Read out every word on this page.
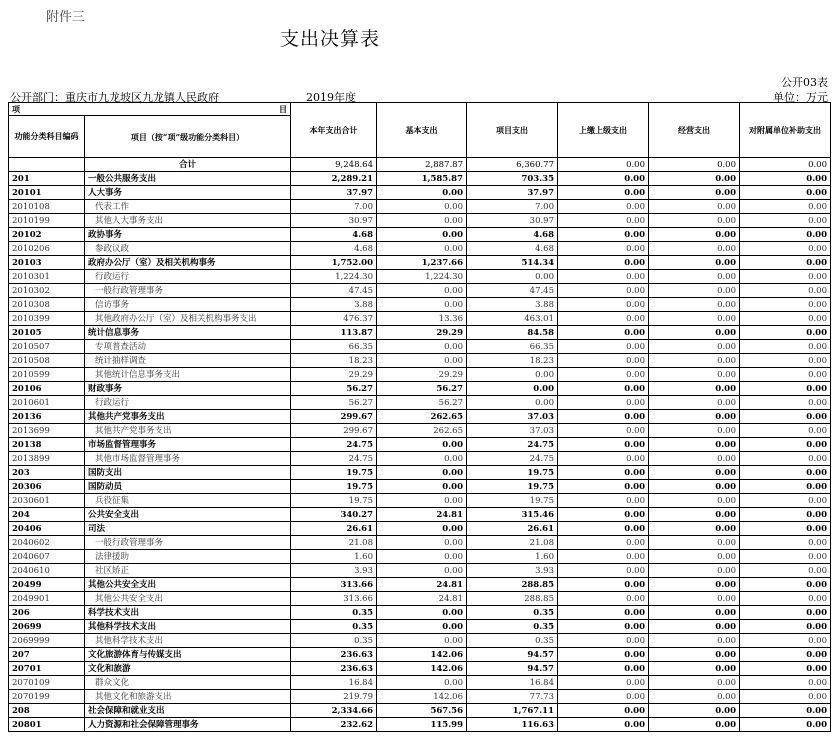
附件三
支出决算表
公开03表
公开部门：重庆市九龙坡区九龙镇人民政府	2019年度	单位：万元
项 目		本年支出合计	基本支出	项目支出	上缴上级支出	经营支出	对附属单位补助支出
功能分类科目编码	项目（按“项”级功能分类科目）						
	合计	9,248.64	2,887.87	6,360.77	0.00	0.00	0.00
201	一般公共服务支出	2,289.21	1,585.87	703.35	0.00	0.00	0.00
20101	人大事务	37.97	0.00	37.97	0.00	0.00	0.00
2010108	代表工作	7.00	0.00	7.00	0.00	0.00	0.00
2010199	其他人大事务支出	30.97	0.00	30.97	0.00	0.00	0.00
20102	政协事务	4.68	0.00	4.68	0.00	0.00	0.00
2010206	参政议政	4.68	0.00	4.68	0.00	0.00	0.00
20103	政府办公厅（室）及相关机构事务	1,752.00	1,237.66	514.34	0.00	0.00	0.00
2010301	行政运行	1,224.30	1,224.30	0.00	0.00	0.00	0.00
2010302	一般行政管理事务	47.45	0.00	47.45	0.00	0.00	0.00
2010308	信访事务	3.88	0.00	3.88	0.00	0.00	0.00
2010399	其他政府办公厅（室）及相关机构事务支出	476.37	13.36	463.01	0.00	0.00	0.00
20105	统计信息事务	113.87	29.29	84.58	0.00	0.00	0.00
2010507	专项普查活动	66.35	0.00	66.35	0.00	0.00	0.00
2010508	统计抽样调查	18.23	0.00	18.23	0.00	0.00	0.00
2010599	其他统计信息事务支出	29.29	29.29	0.00	0.00	0.00	0.00
20106	财政事务	56.27	56.27	0.00	0.00	0.00	0.00
2010601	行政运行	56.27	56.27	0.00	0.00	0.00	0.00
20136	其他共产党事务支出	299.67	262.65	37.03	0.00	0.00	0.00
2013699	其他共产党事务支出	299.67	262.65	37.03	0.00	0.00	0.00
20138	市场监督管理事务	24.75	0.00	24.75	0.00	0.00	0.00
2013899	其他市场监督管理事务	24.75	0.00	24.75	0.00	0.00	0.00
203	国防支出	19.75	0.00	19.75	0.00	0.00	0.00
20306	国防动员	19.75	0.00	19.75	0.00	0.00	0.00
2030601	兵役征集	19.75	0.00	19.75	0.00	0.00	0.00
204	公共安全支出	340.27	24.81	315.46	0.00	0.00	0.00
20406	司法	26.61	0.00	26.61	0.00	0.00	0.00
2040602	一般行政管理事务	21.08	0.00	21.08	0.00	0.00	0.00
2040607	法律援助	1.60	0.00	1.60	0.00	0.00	0.00
2040610	社区矫正	3.93	0.00	3.93	0.00	0.00	0.00
20499	其他公共安全支出	313.66	24.81	288.85	0.00	0.00	0.00
2049901	其他公共安全支出	313.66	24.81	288.85	0.00	0.00	0.00
206	科学技术支出	0.35	0.00	0.35	0.00	0.00	0.00
20699	其他科学技术支出	0.35	0.00	0.35	0.00	0.00	0.00
2069999	其他科学技术支出	0.35	0.00	0.35	0.00	0.00	0.00
207	文化旅游体育与传媒支出	236.63	142.06	94.57	0.00	0.00	0.00
20701	文化和旅游	236.63	142.06	94.57	0.00	0.00	0.00
2070109	群众文化	16.84	0.00	16.84	0.00	0.00	0.00
2070199	其他文化和旅游支出	219.79	142.06	77.73	0.00	0.00	0.00
208	社会保障和就业支出	2,334.66	567.56	1,767.11	0.00	0.00	0.00
20801	人力资源和社会保障管理事务	232.62	115.99	116.63	0.00	0.00	0.00
